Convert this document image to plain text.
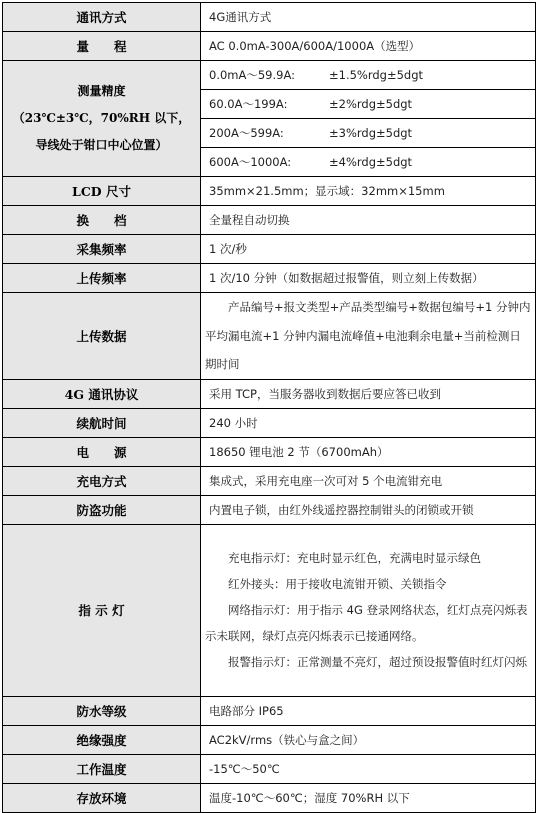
通讯方式	4G通讯方式
量　　程	AC 0.0mA-300A/600A/1000A（选型）

测量精度
（23℃±3℃，70%RH 以下，
导线处于钳口中心位置）	0.0mA～59.9A: ±1.5%rdg±5dgt
	60.0A～199A: ±2%rdg±5dgt
	200A～599A: ±3%rdg±5dgt
	600A～1000A: ±4%rdg±5dgt
LCD 尺寸	35mm×21.5mm；显示域：32mm×15mm
换　　档	全量程自动切换
采集频率	1 次/秒
上传频率	1 次/10 分钟（如数据超过报警值，则立刻上传数据）
上传数据	产品编号+报文类型+产品类型编号+数据包编号+1 分钟内平均漏电流+1 分钟内漏电流峰值+电池剩余电量+当前检测日期时间

4G 通讯协议	采用 TCP，当服务器收到数据后要应答已收到
续航时间	240 小时
电　　源	18650 锂电池 2 节（6700mAh）
充电方式	集成式，采用充电座一次可对 5 个电流钳充电
防盗功能	内置电子锁，由红外线遥控器控制钳头的闭锁或开锁
指 示 灯	充电指示灯：充电时显示红色，充满电时显示绿色
红外接头：用于接收电流钳开锁、关锁指令
网络指示灯：用于指示 4G 登录网络状态，红灯点亮闪烁表示未联网，绿灯点亮闪烁表示已接通网络。
报警指示灯：正常测量不亮灯，超过预设报警值时红灯闪烁

防水等级	电路部分 IP65
绝缘强度	AC2kV/rms（铁心与盒之间）
工作温度	-15℃～50℃
存放环境	温度-10℃～60℃；湿度 70%RH 以下
